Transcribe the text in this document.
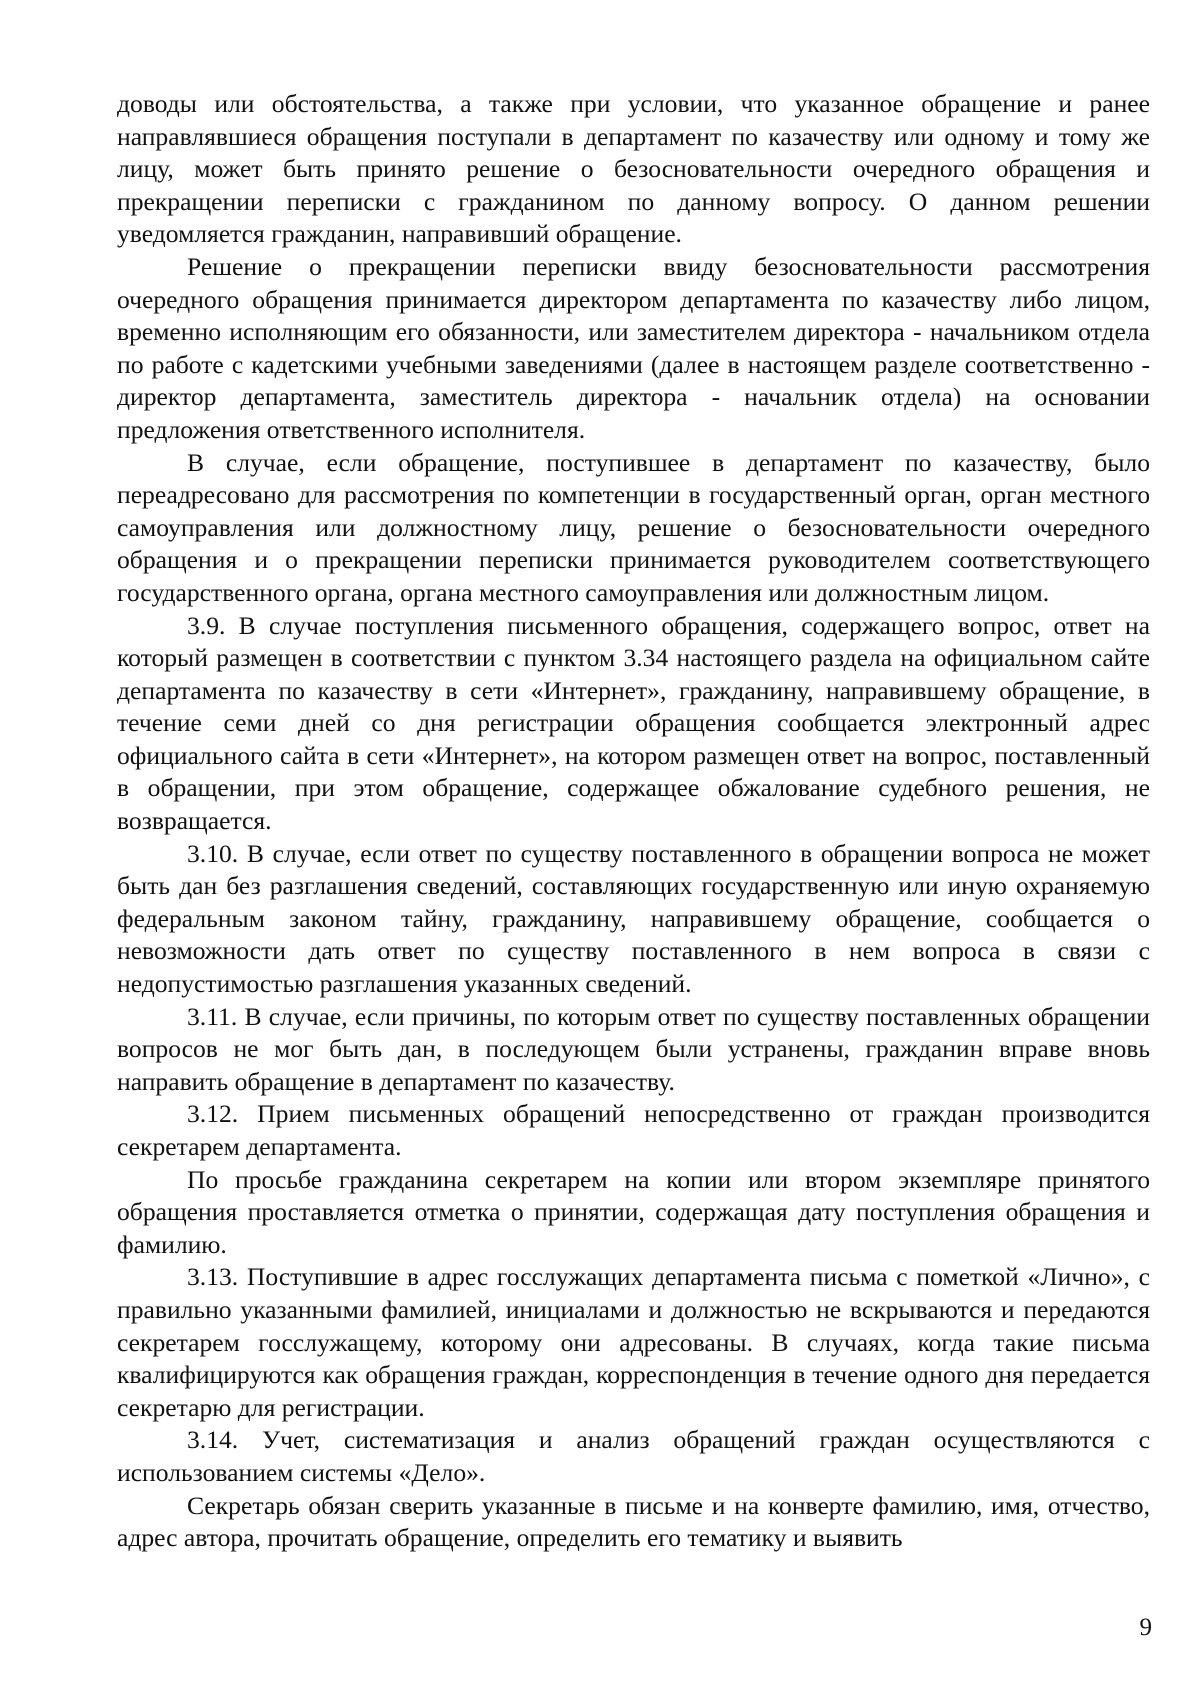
доводы или обстоятельства, а также при условии, что указанное обращение и ранее направлявшиеся обращения поступали в департамент по казачеству или одному и тому же лицу, может быть принято решение о безосновательности очередного обращения и прекращении переписки с гражданином по данному вопросу. О данном решении уведомляется гражданин, направивший обращение.

Решение о прекращении переписки ввиду безосновательности рассмотрения очередного обращения принимается директором департамента по казачеству либо лицом, временно исполняющим его обязанности, или заместителем директора - начальником отдела по работе с кадетскими учебными заведениями (далее в настоящем разделе соответственно - директор департамента, заместитель директора - начальник отдела) на основании предложения ответственного исполнителя.

В случае, если обращение, поступившее в департамент по казачеству, было переадресовано для рассмотрения по компетенции в государственный орган, орган местного самоуправления или должностному лицу, решение о безосновательности очередного обращения и о прекращении переписки принимается руководителем соответствующего государственного органа, органа местного самоуправления или должностным лицом.

3.9. В случае поступления письменного обращения, содержащего вопрос, ответ на который размещен в соответствии с пунктом 3.34 настоящего раздела на официальном сайте департамента по казачеству в сети «Интернет», гражданину, направившему обращение, в течение семи дней со дня регистрации обращения сообщается электронный адрес официального сайта в сети «Интернет», на котором размещен ответ на вопрос, поставленный в обращении, при этом обращение, содержащее обжалование судебного решения, не возвращается.

3.10. В случае, если ответ по существу поставленного в обращении вопроса не может быть дан без разглашения сведений, составляющих государственную или иную охраняемую федеральным законом тайну, гражданину, направившему обращение, сообщается о невозможности дать ответ по существу поставленного в нем вопроса в связи с недопустимостью разглашения указанных сведений.

3.11. В случае, если причины, по которым ответ по существу поставленных обращении вопросов не мог быть дан, в последующем были устранены, гражданин вправе вновь направить обращение в департамент по казачеству.

3.12. Прием письменных обращений непосредственно от граждан производится секретарем департамента.

По просьбе гражданина секретарем на копии или втором экземпляре принятого обращения проставляется отметка о принятии, содержащая дату поступления обращения и фамилию.

3.13. Поступившие в адрес госслужащих департамента письма с пометкой «Лично», с правильно указанными фамилией, инициалами и должностью не вскрываются и передаются секретарем госслужащему, которому они адресованы. В случаях, когда такие письма квалифицируются как обращения граждан, корреспонденция в течение одного дня передается секретарю для регистрации.

3.14. Учет, систематизация и анализ обращений граждан осуществляются с использованием системы «Дело».

Секретарь обязан сверить указанные в письме и на конверте фамилию, имя, отчество, адрес автора, прочитать обращение, определить его тематику и выявить

9
